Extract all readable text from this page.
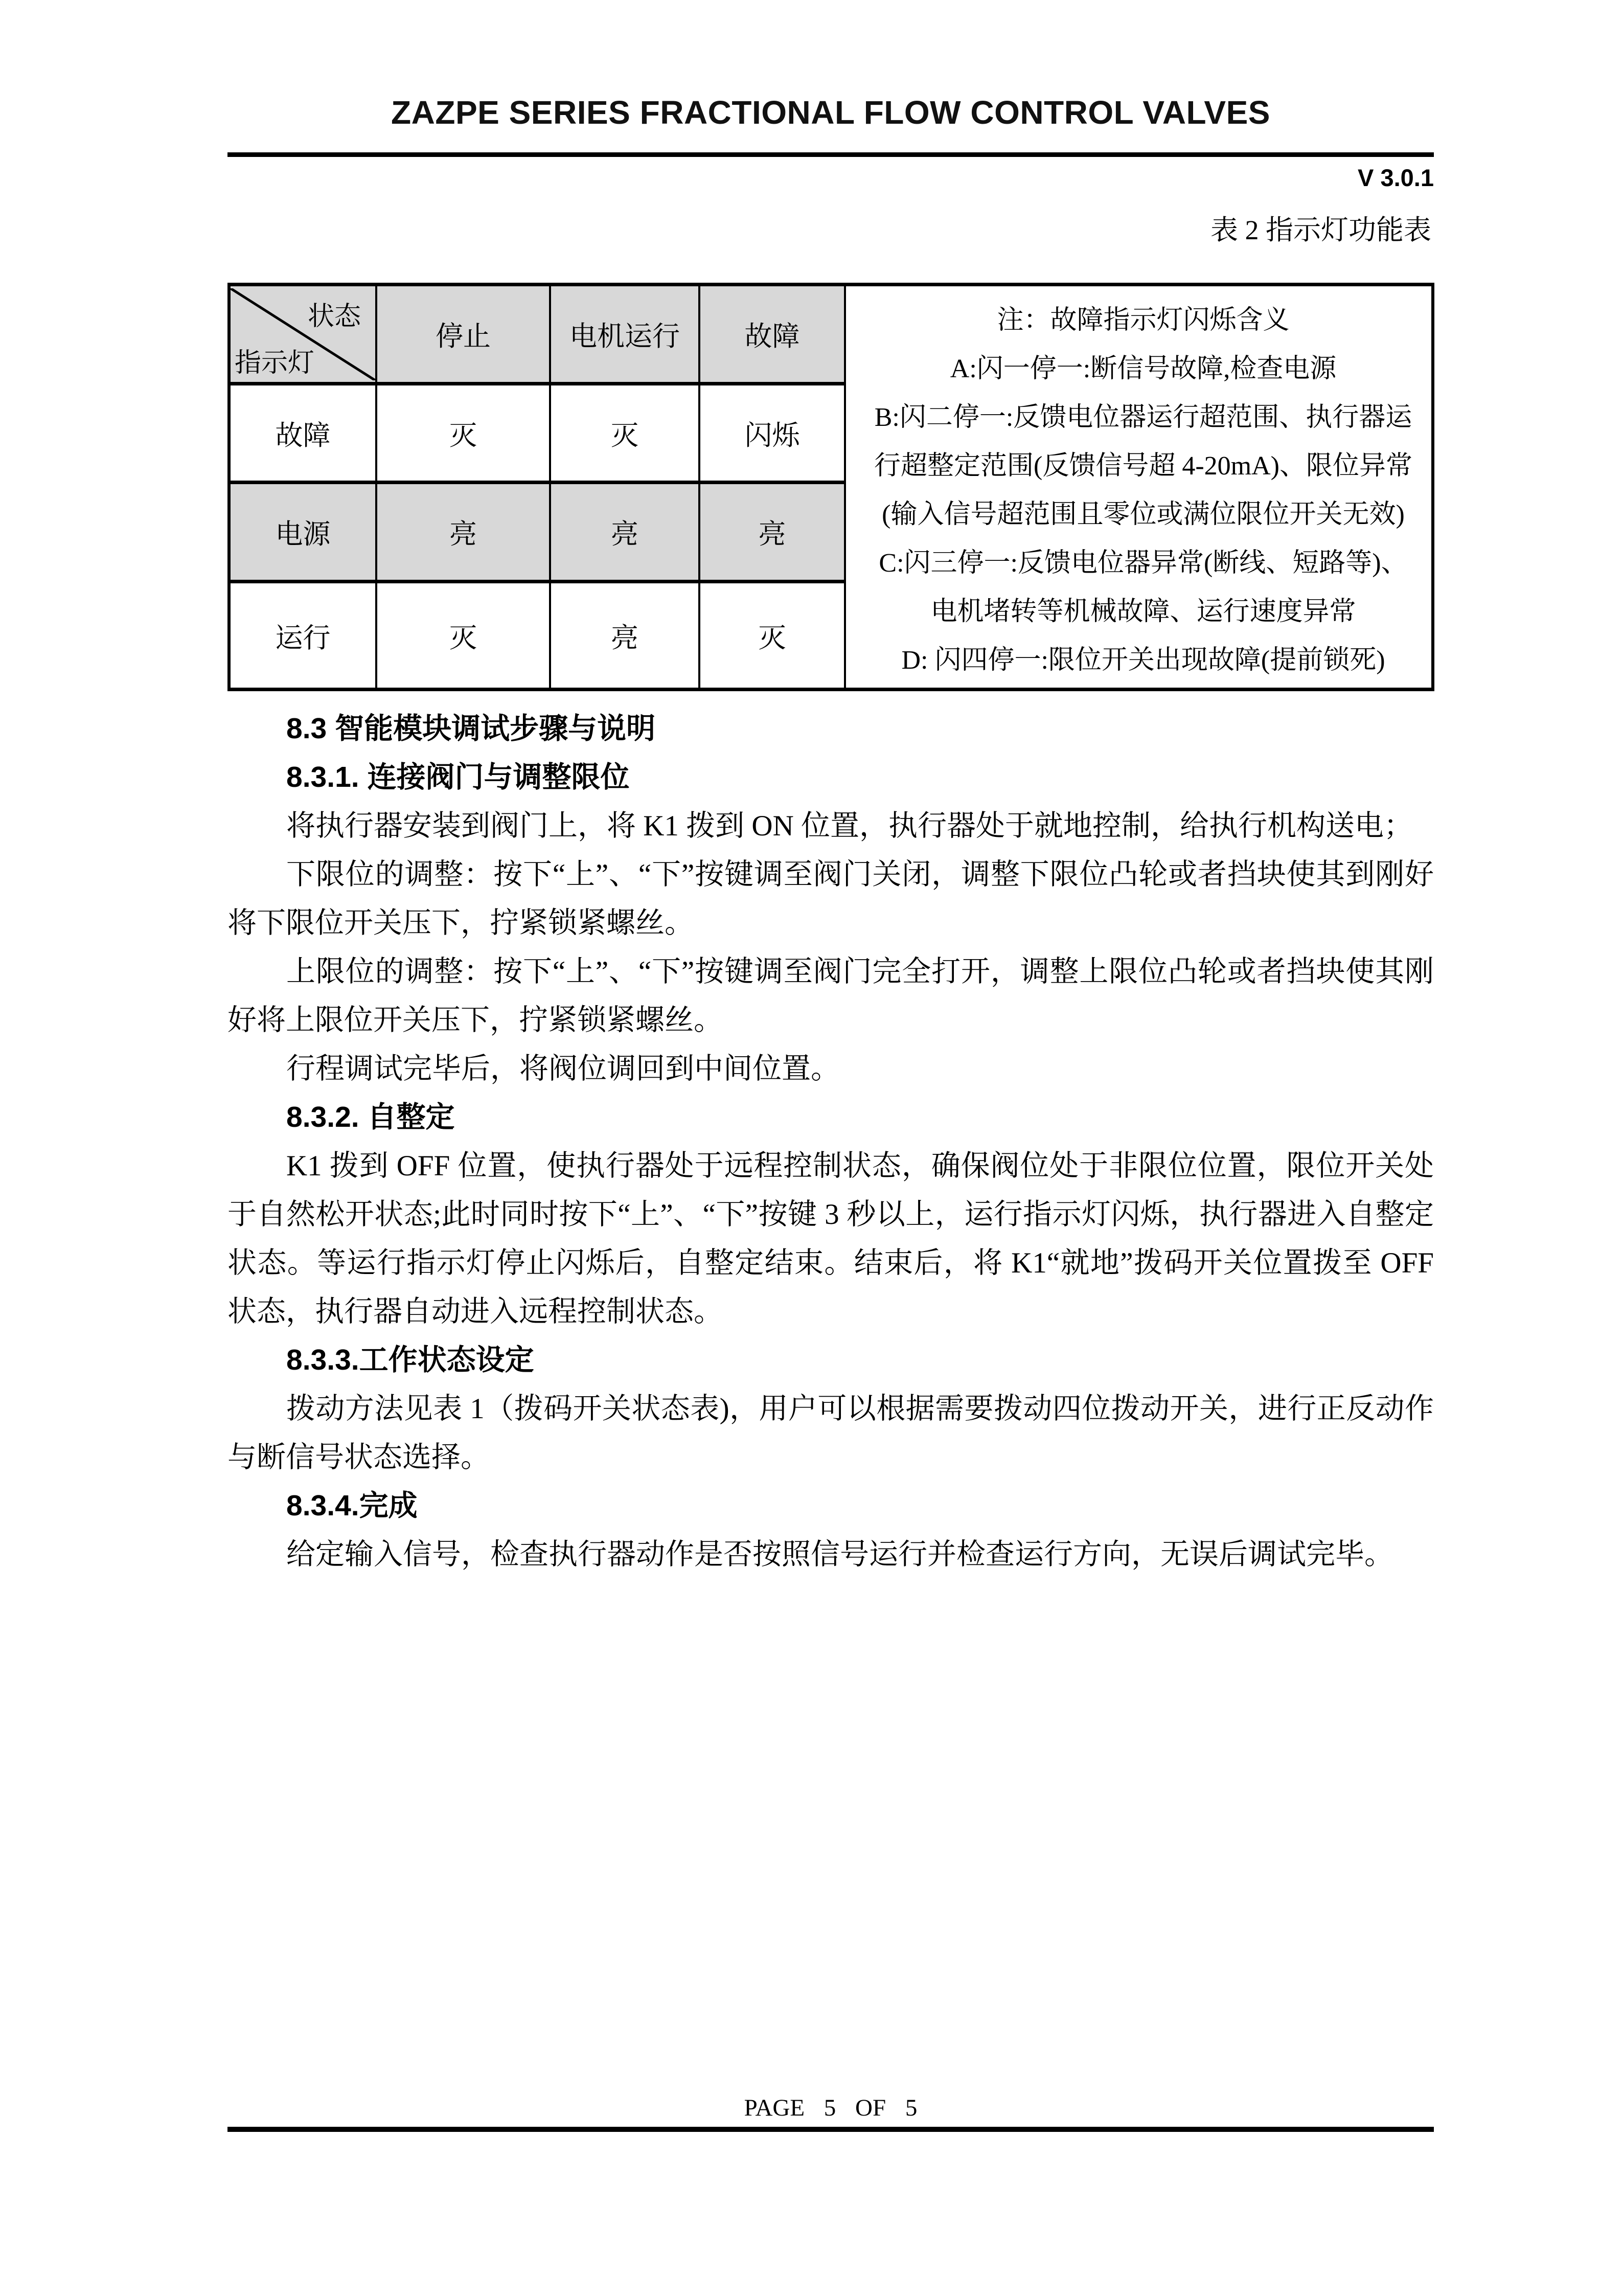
ZAZPE SERIES FRACTIONAL FLOW CONTROL VALVES
V 3.0.1
表 2 指示灯功能表
状态
指示灯
	停止	电机运行	故障	
注：故障指示灯闪烁含义
A:闪一停一:断信号故障,检查电源
B:闪二停一:反馈电位器运行超范围、执行器运
行超整定范围(反馈信号超 4-20mA)、限位异常
(输入信号超范围且零位或满位限位开关无效)
C:闪三停一:反馈电位器异常(断线、短路等)、
电机堵转等机械故障、运行速度异常
D: 闪四停一:限位开关出现故障(提前锁死)

故障	灭	灭	闪烁	
电源	亮	亮	亮	
运行	灭	亮	灭	
8.3 智能模块调试步骤与说明
8.3.1. 连接阀门与调整限位
将执行器安装到阀门上，将 K1 拨到 ON 位置，执行器处于就地控制，给执行机构送电；
下限位的调整：按下“上”、“下”按键调至阀门关闭，调整下限位凸轮或者挡块使其到刚好将下限位开关压下，拧紧锁紧螺丝。
上限位的调整：按下“上”、“下”按键调至阀门完全打开，调整上限位凸轮或者挡块使其刚好将上限位开关压下，拧紧锁紧螺丝。
行程调试完毕后，将阀位调回到中间位置。
8.3.2. 自整定
K1 拨到 OFF 位置，使执行器处于远程控制状态，确保阀位处于非限位位置，限位开关处于自然松开状态;此时同时按下“上”、“下”按键 3 秒以上，运行指示灯闪烁，执行器进入自整定状态。等运行指示灯停止闪烁后，自整定结束。结束后，将 K1“就地”拨码开关位置拨至 OFF 状态，执行器自动进入远程控制状态。
8.3.3.工作状态设定
拨动方法见表 1（拨码开关状态表)，用户可以根据需要拨动四位拨动开关，进行正反动作与断信号状态选择。
8.3.4.完成
给定输入信号，检查执行器动作是否按照信号运行并检查运行方向，无误后调试完毕。
PAGE 5 OF 5
